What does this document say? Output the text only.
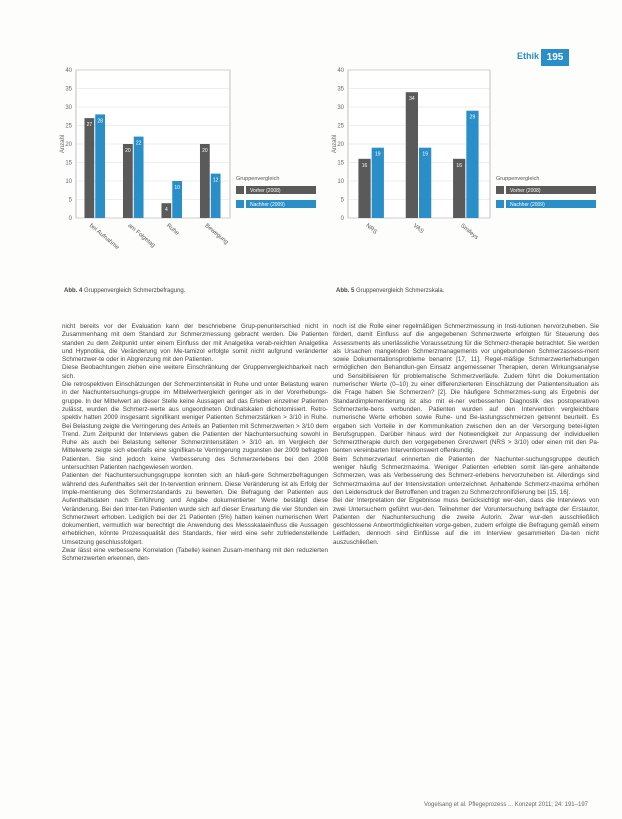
Ethik 195
0
5
10
15
20
25
30
35
40
Anzahl
27
28
bei Aufnahme
20
22
am Folgetag
4
10
Ruhe
20
12
Bewegung
Gruppenvergleich
Vorher (2008)
Nachher (2009)
Abb. 4 Gruppenvergleich Schmerzbefragung.
0
5
10
15
20
25
30
35
40
Anzahl
16
19
NRS
34
19
VAS
16
29
Smileys
Gruppenvergleich
Vorher (2008)
Nachher (2009)
Abb. 5 Gruppenvergleich Schmerzskala.

nicht bereits vor der Evaluation kann der beschriebene Grup-penunterschied nicht in Zusammenhang mit dem Standard zur Schmerzmessung gebracht werden. Die Patienten standen zu dem Zeitpunkt unter einem Einfluss der mit Analgetika verab-reichten Analgetika und Hypnotika, die Veränderung von Me-tamizol erfolgte somit nicht aufgrund veränderter Schmerzwer-te oder in Abgrenzung mit den Patienten.

Diese Beobachtungen ziehen eine weitere Einschränkung der Gruppenvergleichbarkeit nach sich.

Die retrospektiven Einschätzungen der Schmerzintensität in Ruhe und unter Belastung waren in der Nachuntersuchungs-gruppe im Mittelwertvergleich geringer als in der Vorerhebungs-gruppe. In der Mittelwert an dieser Stelle keine Aussagen auf das Erleben einzelner Patienten zulässt, wurden die Schmerz-werte aus ungeordneten Ordinalskalen dichotomisiert. Retro-spektiv hatten 2009 insgesamt signifikant weniger Patienten Schmerzstärken > 3/10 in Ruhe. Bei Belastung zeigte die Verringerung des Anteils an Patienten mit Schmerzwerten > 3/10 dem Trend. Zum Zeitpunkt der Interviews gaben die Patienten der Nachuntersuchung sowohl in Ruhe als auch bei Belastung seltener Schmerzintensitäten > 3/10 an. Im Vergleich der Mittelwerte zeigte sich ebenfalls eine signifikan-te Verringerung zugunsten der 2009 befragten Patienten. Sie sind jedoch keine Verbesserung des Schmerzerlebens bei den 2008 untersuchten Patienten nachgewiesen worden.

Patienten der Nachuntersuchungsgruppe konnten sich an häufi-gere Schmerzbefragungen während des Aufenthaltes seit der In-tervention erinnern. Diese Veränderung ist als Erfolg der Imple-mentierung des Schmerzstandards zu bewerten. Die Befragung der Patienten aus Aufenthaltsdaten nach Einführung und Angabe dokumentierter Werte bestätigt diese Veränderung. Bei den Inter-ten Patienten wurde sich auf dieser Erwartung die vier Stunden ein Schmerzwert erhoben. Lediglich bei der 21 Patienten (5%) hatten keinen numerischen Wert dokumentiert, vermutlich war berechtigt die Anwendung des Messskalaeinfluss die Aussagen erheblichen, könnte Prozessqualität des Standards, hier wird eine sehr zufriedenstellende Umsetzung geschlussfolgert.

Zwar lässt eine verbesserte Korrelation (Tabelle) keinen Zusam-menhang mit den reduzierten Schmerzwerten erkennen, den-

noch ist die Rolle einer regelmäßigen Schmerzmessung in Insti-tutionen hervorzuheben. Sie fördert, damit Einfluss auf die angegebenen Schmerzwerte erfolgten für Steuerung des Assessments als unerlässliche Voraussetzung für die Schmerz-therapie betrachtet. Sie werden als Ursachen mangelnden Schmerzmanagements vor ungebundenen Schmerzassess-ment sowie Dokumentationsprobleme benannt [17, 11]. Regel-mäßige Schmerzwerterhebungen ermöglichen den Behandlun-gen Einsatz angemessener Therapien, deren Wirkungsanalyse und Sensibilisieren für problematische Schmerzverläufe. Zudem führt die Dokumentation numerischer Werte (0–10) zu einer differenzierteren Einschätzung der Patientensituation als die Frage haben Sie Schmerzen? [2]. Die häufigere Schmerzmes-sung als Ergebnis der Standardimplementierung ist also mit ei-ner verbesserten Diagnostik des postoperativen Schmerzerle-bens verbunden. Patienten wurden auf den Intervention vergleichbare numerische Werte erhoben sowie Ruhe- und Be-lastungsschmerzen getrennt beurteilt. Es ergaben sich Vorteile in der Kommunikation zwischen den an der Versorgung betei-ligten Berufsgruppen. Darüber hinaus wird der Notwendigkeit zur Anpassung der individuellen Schmerztherapie durch den vorgegebenen Grenzwert (NRS > 3/10) oder einen mit den Pa-tienten vereinbarten Interventionswert offenkundig.

Beim Schmerzverlauf erinnerten die Patienten der Nachunter-suchungsgruppe deutlich weniger häufig Schmerzmaxima. Weniger Patienten erlebten somit län-gere anhaltende Schmerzen, was als Verbesserung des Schmerz-erlebens hervorzuheben ist. Allerdings sind Schmerzmaxima auf der Intensivstation unterzeichnet. Anhaltende Schmerz-maxima erhöhen den Leidensdruck der Betroffenen und tragen zu Schmerzchronifizierung bei [15, 16].

Bei der Interpretation der Ergebnisse muss berücksichtigt wer-den, dass die Interviews von zwei Untersuchern geführt wur-den. Teilnehmer der Voruntersuchung befragte der Erstautor, Patienten der Nachuntersuchung die zweite Autorin. Zwar wur-den ausschließlich geschlossene Antwortmöglichkeiten vorge-geben, zudem erfolgte die Befragung gemäß einem Leitfaden, dennoch sind Einflüsse auf die im Interview gesammelten Da-ten nicht auszuschließen.

Vogelsang et al. Pflegeprozess ... Konzept 2011; 24: 191–197
